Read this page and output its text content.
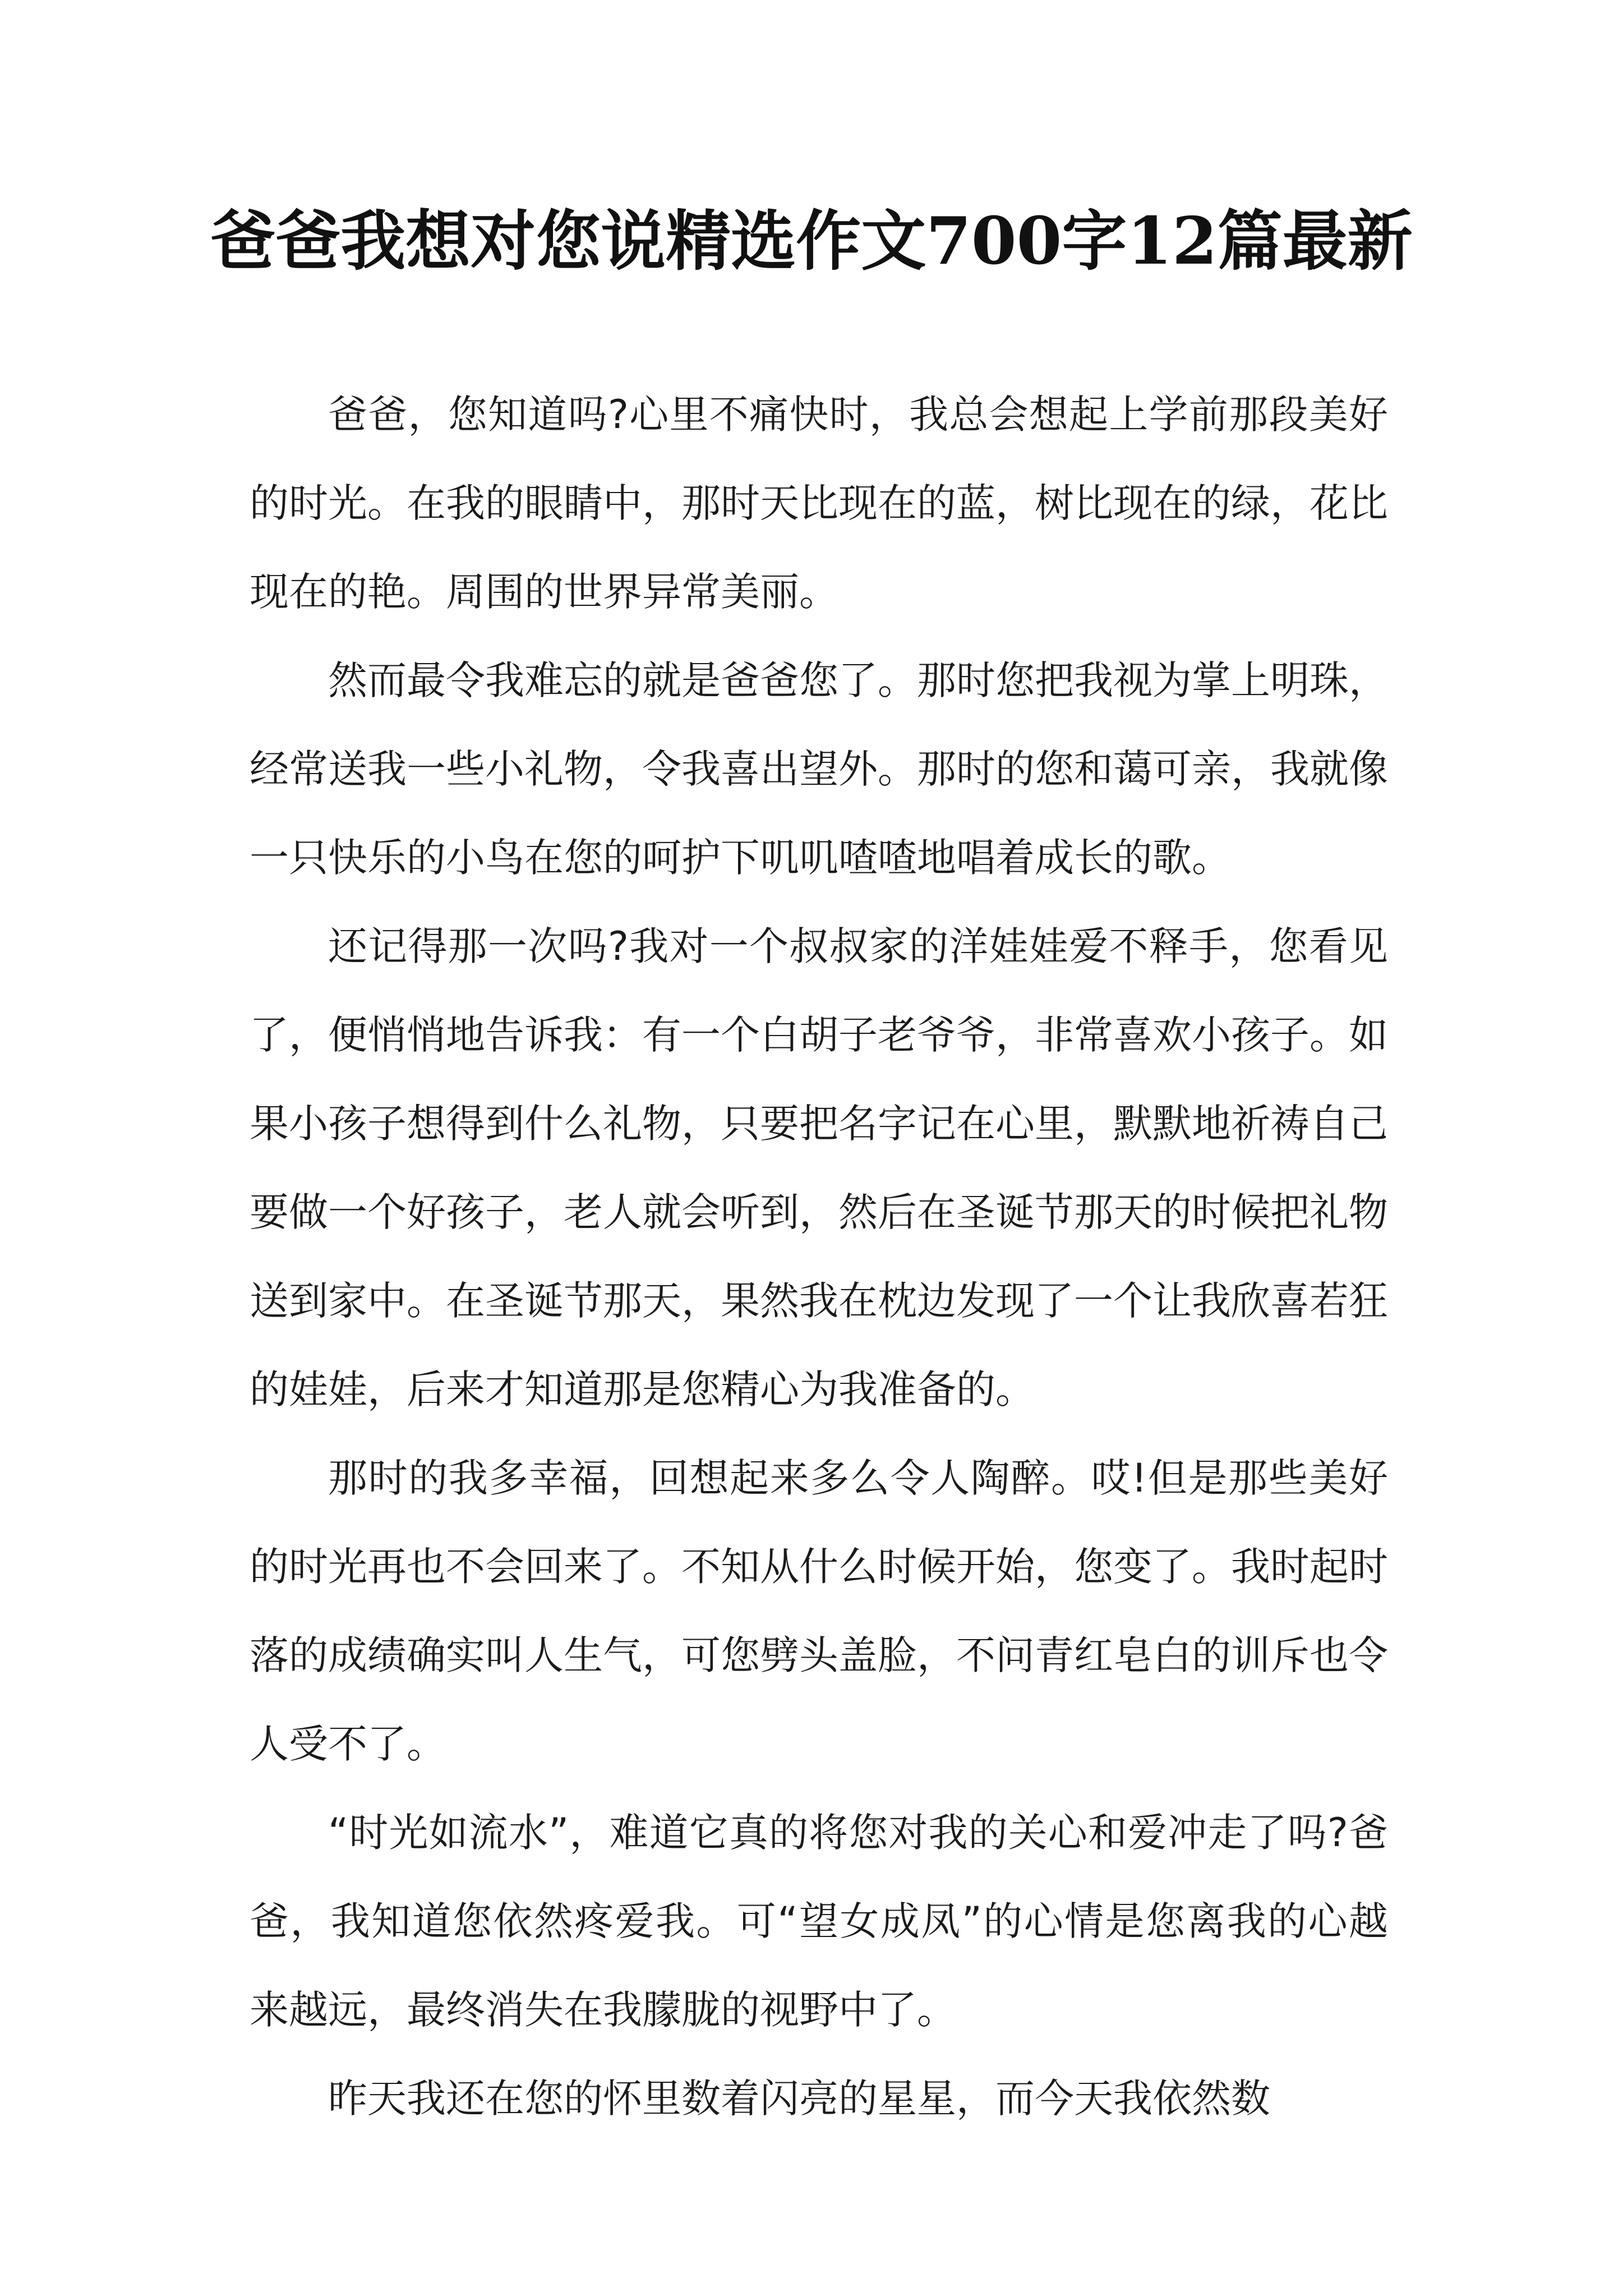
爸爸我想对您说精选作文700字12篇最新

爸爸，您知道吗?心里不痛快时，我总会想起上学前那段美好的时光。在我的眼睛中，那时天比现在的蓝，树比现在的绿，花比现在的艳。周围的世界异常美丽。

然而最令我难忘的就是爸爸您了。那时您把我视为掌上明珠，经常送我一些小礼物，令我喜出望外。那时的您和蔼可亲，我就像一只快乐的小鸟在您的呵护下叽叽喳喳地唱着成长的歌。

还记得那一次吗?我对一个叔叔家的洋娃娃爱不释手，您看见了，便悄悄地告诉我：有一个白胡子老爷爷，非常喜欢小孩子。如果小孩子想得到什么礼物，只要把名字记在心里，默默地祈祷自己要做一个好孩子，老人就会听到，然后在圣诞节那天的时候把礼物送到家中。在圣诞节那天，果然我在枕边发现了一个让我欣喜若狂的娃娃，后来才知道那是您精心为我准备的。

那时的我多幸福，回想起来多么令人陶醉。哎!但是那些美好的时光再也不会回来了。不知从什么时候开始，您变了。我时起时落的成绩确实叫人生气，可您劈头盖脸，不问青红皂白的训斥也令人受不了。

“时光如流水”，难道它真的将您对我的关心和爱冲走了吗?爸爸，我知道您依然疼爱我。可“望女成凤”的心情是您离我的心越来越远，最终消失在我朦胧的视野中了。

昨天我还在您的怀里数着闪亮的星星，而今天我依然数
